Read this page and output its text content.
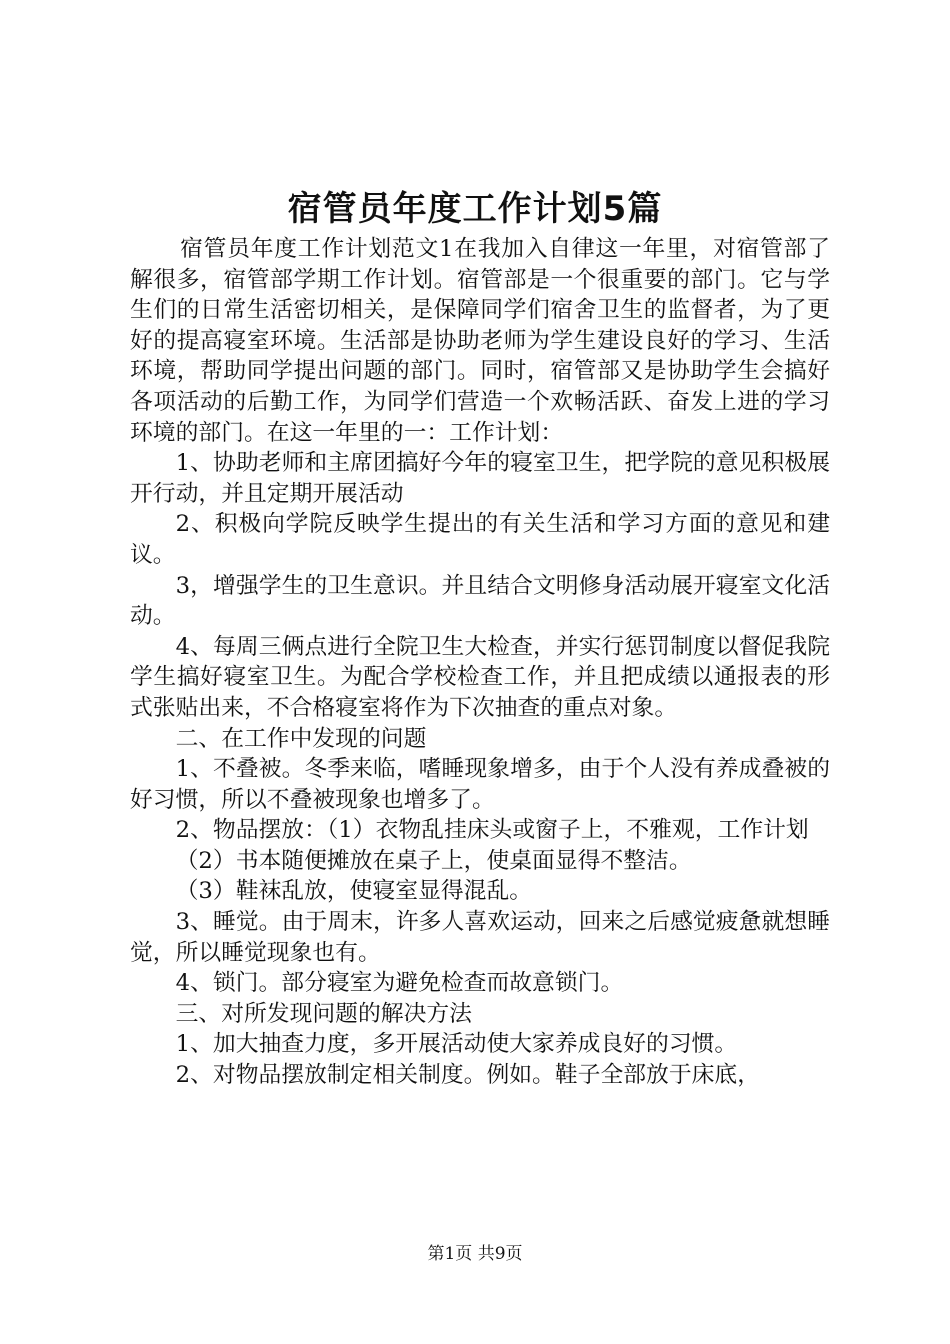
宿管员年度工作计划5篇

宿管员年度工作计划范文1在我加入自律这一年里，对宿管部了解很多，宿管部学期工作计划。宿管部是一个很重要的部门。它与学生们的日常生活密切相关，是保障同学们宿舍卫生的监督者，为了更好的提高寝室环境。生活部是协助老师为学生建设良好的学习、生活环境，帮助同学提出问题的部门。同时，宿管部又是协助学生会搞好各项活动的后勤工作，为同学们营造一个欢畅活跃、奋发上进的学习环境的部门。在这一年里的一：工作计划：

1、协助老师和主席团搞好今年的寝室卫生，把学院的意见积极展开行动，并且定期开展活动

2、积极向学院反映学生提出的有关生活和学习方面的意见和建议。

3，增强学生的卫生意识。并且结合文明修身活动展开寝室文化活动。

4、每周三俩点进行全院卫生大检查，并实行惩罚制度以督促我院学生搞好寝室卫生。为配合学校检查工作，并且把成绩以通报表的形式张贴出来，不合格寝室将作为下次抽查的重点对象。

二、在工作中发现的问题

1、不叠被。冬季来临，嗜睡现象增多，由于个人没有养成叠被的好习惯，所以不叠被现象也增多了。

2、物品摆放：（1）衣物乱挂床头或窗子上，不雅观，工作计划

（2）书本随便摊放在桌子上，使桌面显得不整洁。

（3）鞋袜乱放，使寝室显得混乱。

3、睡觉。由于周末，许多人喜欢运动，回来之后感觉疲惫就想睡觉，所以睡觉现象也有。

4、锁门。部分寝室为避免检查而故意锁门。

三、对所发现问题的解决方法

1、加大抽查力度，多开展活动使大家养成良好的习惯。

2、对物品摆放制定相关制度。例如。鞋子全部放于床底，

第1页 共9页
